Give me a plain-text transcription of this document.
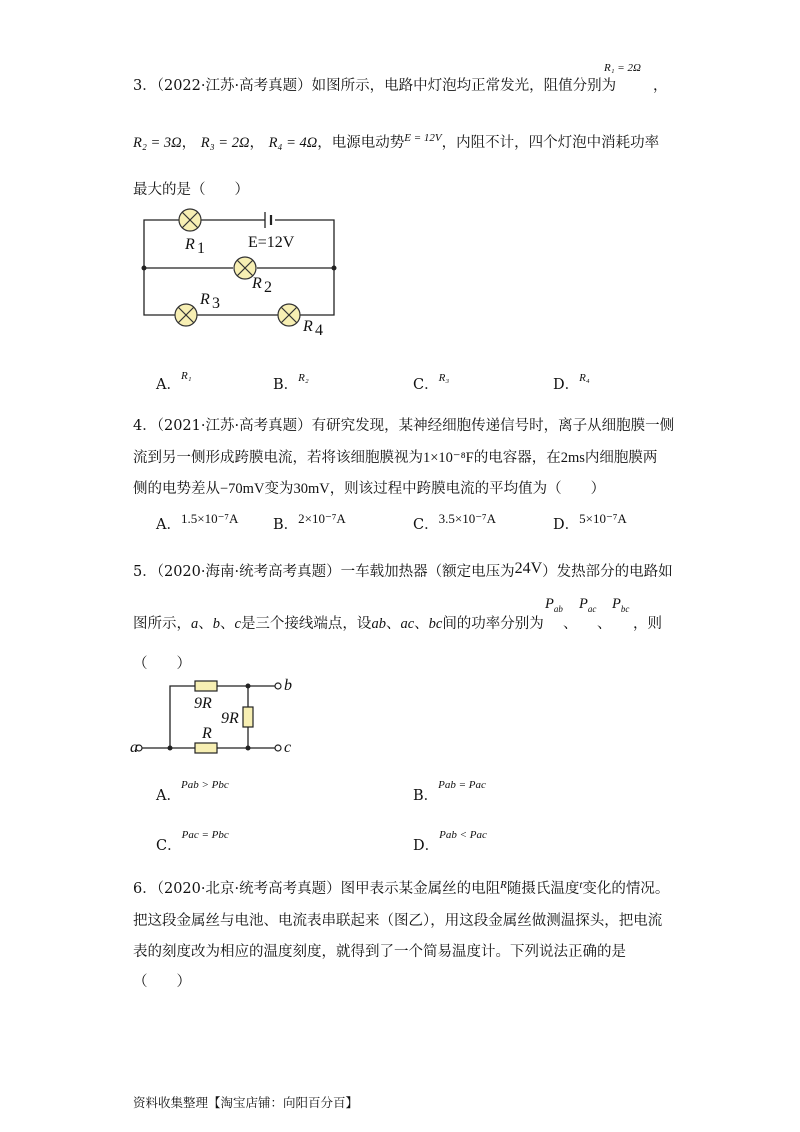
3．（2022·江苏·高考真题）如图所示，电路中灯泡均正常发光，阻值分别为
R₁ = 2Ω
，
R₂ = 3Ω， R₃ = 2Ω， R₄ = 4Ω，电源电动势$^{E = 12V}$，内阻不计，四个灯泡中消耗功率
最大的是（　　）
R 1	E=12V
R 2
R 3
R 4
A．$^{R_1}$
B．$^{R_2}$	C．$^{R_3}$	D．$^{R_4}$
4．（2021·江苏·高考真题）有研究发现，某神经细胞传递信号时，离子从细胞膜一侧
流到另一侧形成跨膜电流，若将该细胞膜视为1×10⁻⁸F的电容器，在2ms内细胞膜两
侧的电势差从−70mV变为30mV，则该过程中跨膜电流的平均值为（　　）
A．1.5×10⁻⁷A B．2×10⁻⁷A	C．3.5×10⁻⁷A	D．5×10⁻⁷A
5．（2020·海南·统考高考真题）一车载加热器（额定电压为24V）发热部分的电路如
图所示，a、b、c是三个接线端点，设ab、ac、bc间的功率分别为
$P_{ab}$
、
$P_{ac}$
、
$P_{bc}$
，则
（　　）
9R
9R
R
a
b
c
A．$^{Pab > Pbc}$
B．$^{Pab = Pac}$
C．$^{Pac = Pbc}$
D．$^{Pab < Pac}$
6．（2020·北京·统考高考真题）图甲表示某金属丝的电阻$^R$随摄氏温度$^t$变化的情况。
把这段金属丝与电池、电流表串联起来（图乙），用这段金属丝做测温探头，把电流
表的刻度改为相应的温度刻度，就得到了一个简易温度计。下列说法正确的是
（　　）
资料收集整理【淘宝店铺：向阳百分百】
